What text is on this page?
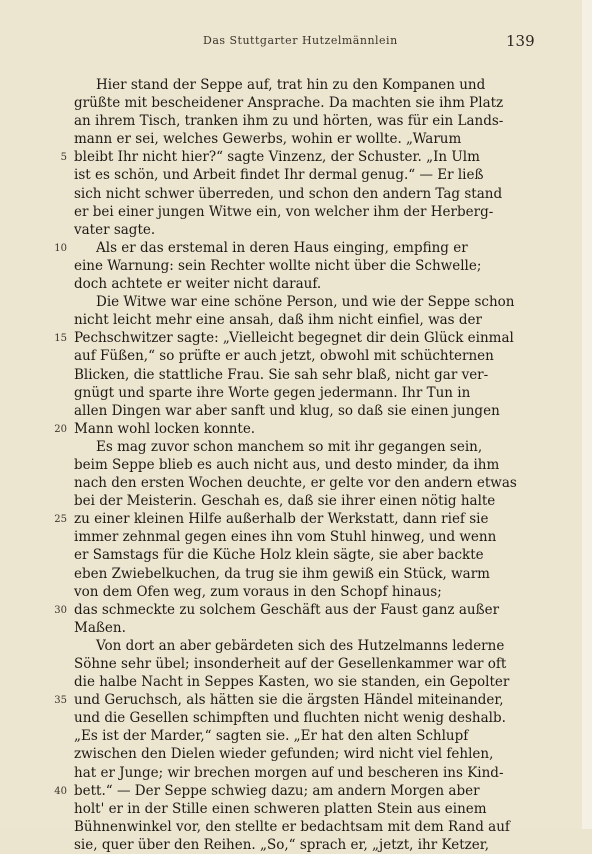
Das Stuttgarter Hutzelmännlein	139
Hier stand der Seppe auf, trat hin zu den Kompanen und
grüßte mit bescheidener Ansprache. Da machten sie ihm Platz
an ihrem Tisch, tranken ihm zu und hörten, was für ein Lands-
mann er sei, welches Gewerbs, wohin er wollte. „Warum
5 bleibt Ihr nicht hier?“ sagte Vinzenz, der Schuster. „In Ulm
ist es schön, und Arbeit findet Ihr dermal genug.“ — Er ließ
sich nicht schwer überreden, und schon den andern Tag stand
er bei einer jungen Witwe ein, von welcher ihm der Herberg-
vater sagte.
10 Als er das erstemal in deren Haus einging, empfing er
eine Warnung: sein Rechter wollte nicht über die Schwelle;
doch achtete er weiter nicht darauf.
Die Witwe war eine schöne Person, und wie der Seppe schon
nicht leicht mehr eine ansah, daß ihm nicht einfiel, was der
15 Pechschwitzer sagte: „Vielleicht begegnet dir dein Glück einmal
auf Füßen,“ so prüfte er auch jetzt, obwohl mit schüchternen
Blicken, die stattliche Frau. Sie sah sehr blaß, nicht gar ver-
gnügt und sparte ihre Worte gegen jedermann. Ihr Tun in
allen Dingen war aber sanft und klug, so daß sie einen jungen
20 Mann wohl locken konnte.
Es mag zuvor schon manchem so mit ihr gegangen sein,
beim Seppe blieb es auch nicht aus, und desto minder, da ihm
nach den ersten Wochen deuchte, er gelte vor den andern etwas
bei der Meisterin. Geschah es, daß sie ihrer einen nötig halte
25 zu einer kleinen Hilfe außerhalb der Werkstatt, dann rief sie
immer zehnmal gegen eines ihn vom Stuhl hinweg, und wenn
er Samstags für die Küche Holz klein sägte, sie aber backte
eben Zwiebelkuchen, da trug sie ihm gewiß ein Stück, warm
von dem Ofen weg, zum voraus in den Schopf hinaus;
30 das schmeckte zu solchem Geschäft aus der Faust ganz außer
Maßen.
Von dort an aber gebärdeten sich des Hutzelmanns lederne
Söhne sehr übel; insonderheit auf der Gesellenkammer war oft
die halbe Nacht in Seppes Kasten, wo sie standen, ein Gepolter
35 und Geruchsch, als hätten sie die ärgsten Händel miteinander,
und die Gesellen schimpften und fluchten nicht wenig deshalb.
„Es ist der Marder,“ sagten sie. „Er hat den alten Schlupf
zwischen den Dielen wieder gefunden; wird nicht viel fehlen,
hat er Junge; wir brechen morgen auf und bescheren ins Kind-
40 bett.“ — Der Seppe schwieg dazu; am andern Morgen aber
holt' er in der Stille einen schweren platten Stein aus einem
Bühnenwinkel vor, den stellte er bedachtsam mit dem Rand auf
sie, quer über den Reihen. „So,“ sprach er, „jetzt, ihr Ketzer,
